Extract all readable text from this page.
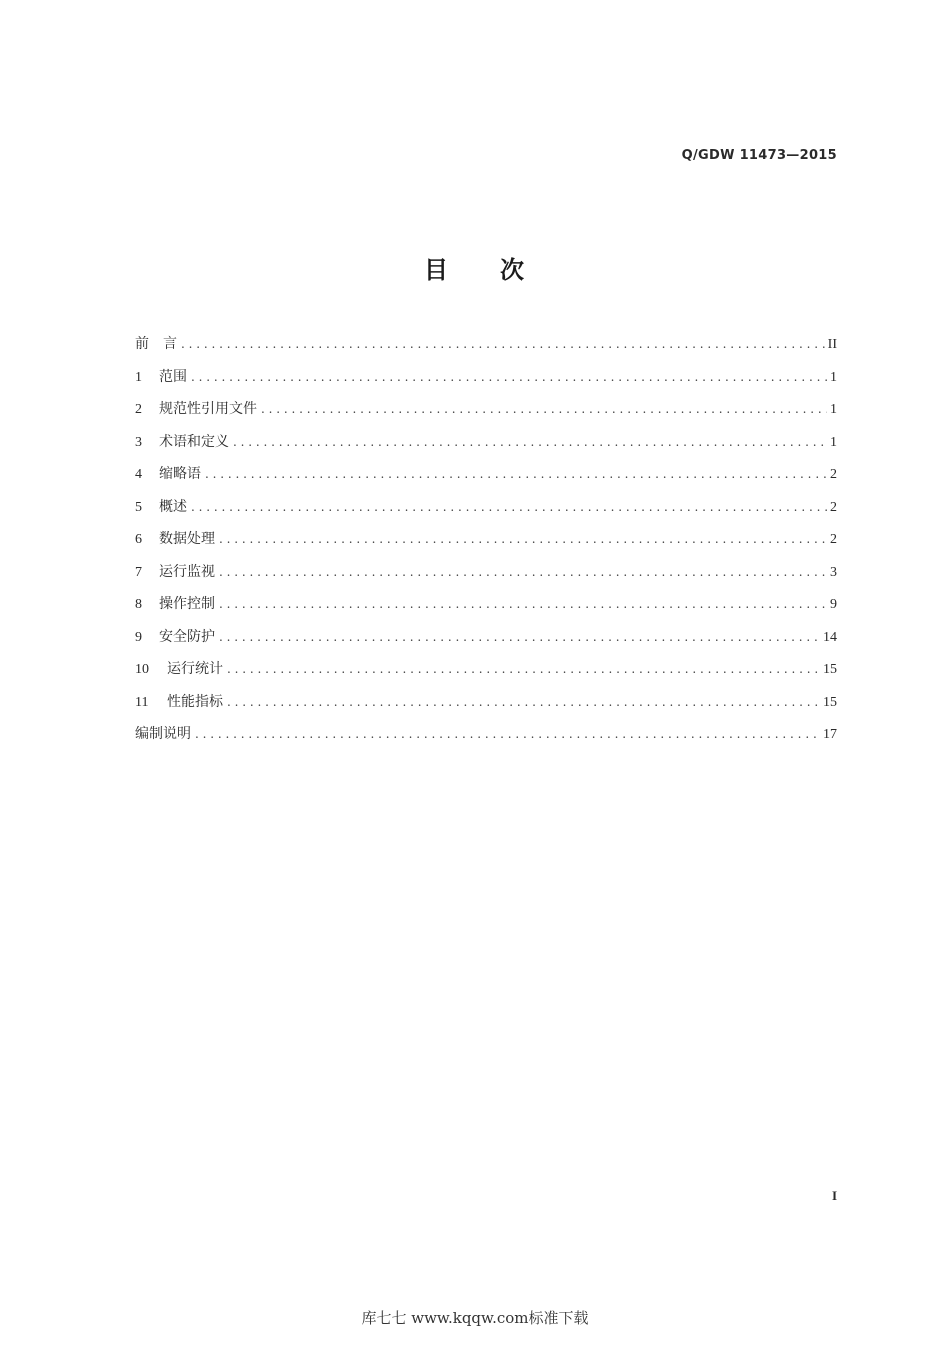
Q/GDW 11473—2015
目 次
前　言 . . .	II
1	范围 . . .	1
2	规范性引用文件 . . .	1
3	术语和定义 . . .	1
4	缩略语 . . .	2
5	概述 . . .	2
6	数据处理 . . .	2
7	运行监视 . . .	3
8	操作控制 . . .	9
9	安全防护 . . .	14
10	运行统计 . . .	15
11	性能指标 . . .	15
编制说明 . . .	17
I
库七七 www.kqqw.com标准下载
